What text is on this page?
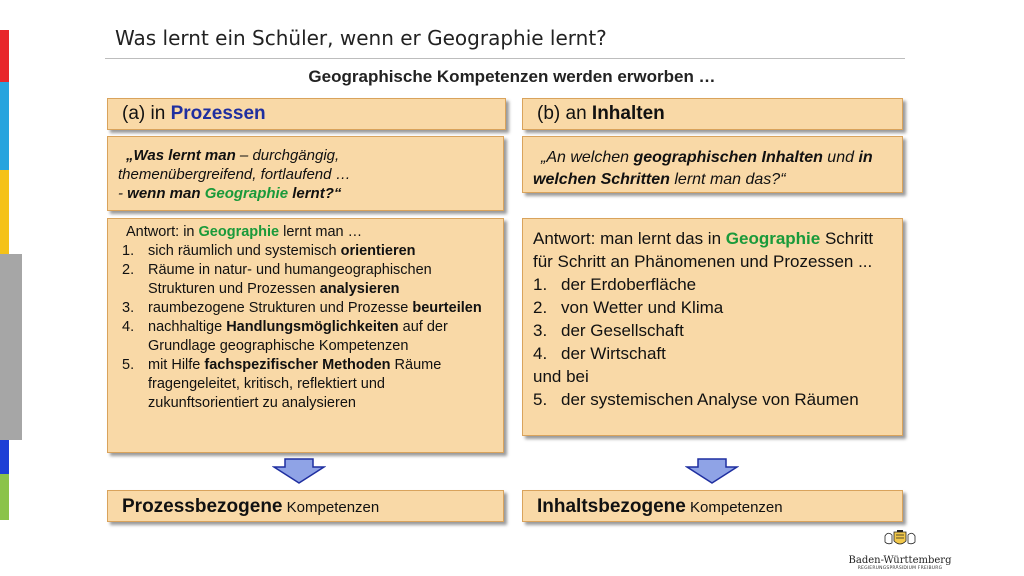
Was lernt ein Schüler, wenn er Geographie lernt?
Geographische Kompetenzen werden erworben …
(a) in Prozessen
„Was lernt man – durchgängig,
themenübergreifend, fortlaufend …
- wenn man Geographie lernt?“
Antwort: in Geographie lernt man …
1. sich räumlich und systemisch orientieren
2. Räume in natur- und humangeographischen Strukturen und Prozessen analysieren
3. raumbezogene Strukturen und Prozesse beurteilen
4. nachhaltige Handlungsmöglichkeiten auf der Grundlage geographische Kompetenzen
5. mit Hilfe fachspezifischer Methoden Räume fragengeleitet, kritisch, reflektiert und zukunftsorientiert zu analysieren
Prozessbezogene Kompetenzen
(b) an Inhalten
„An welchen geographischen Inhalten und in welchen Schritten lernt man das?“
Antwort: man lernt das in Geographie Schritt für Schritt an Phänomenen und Prozessen ...
1. der Erdoberfläche
2. von Wetter und Klima
3. der Gesellschaft
4. der Wirtschaft
und bei
5. der systemischen Analyse von Räumen
Inhaltsbezogene Kompetenzen
Baden-Württemberg
REGIERUNGSPRÄSIDIUM FREIBURG
